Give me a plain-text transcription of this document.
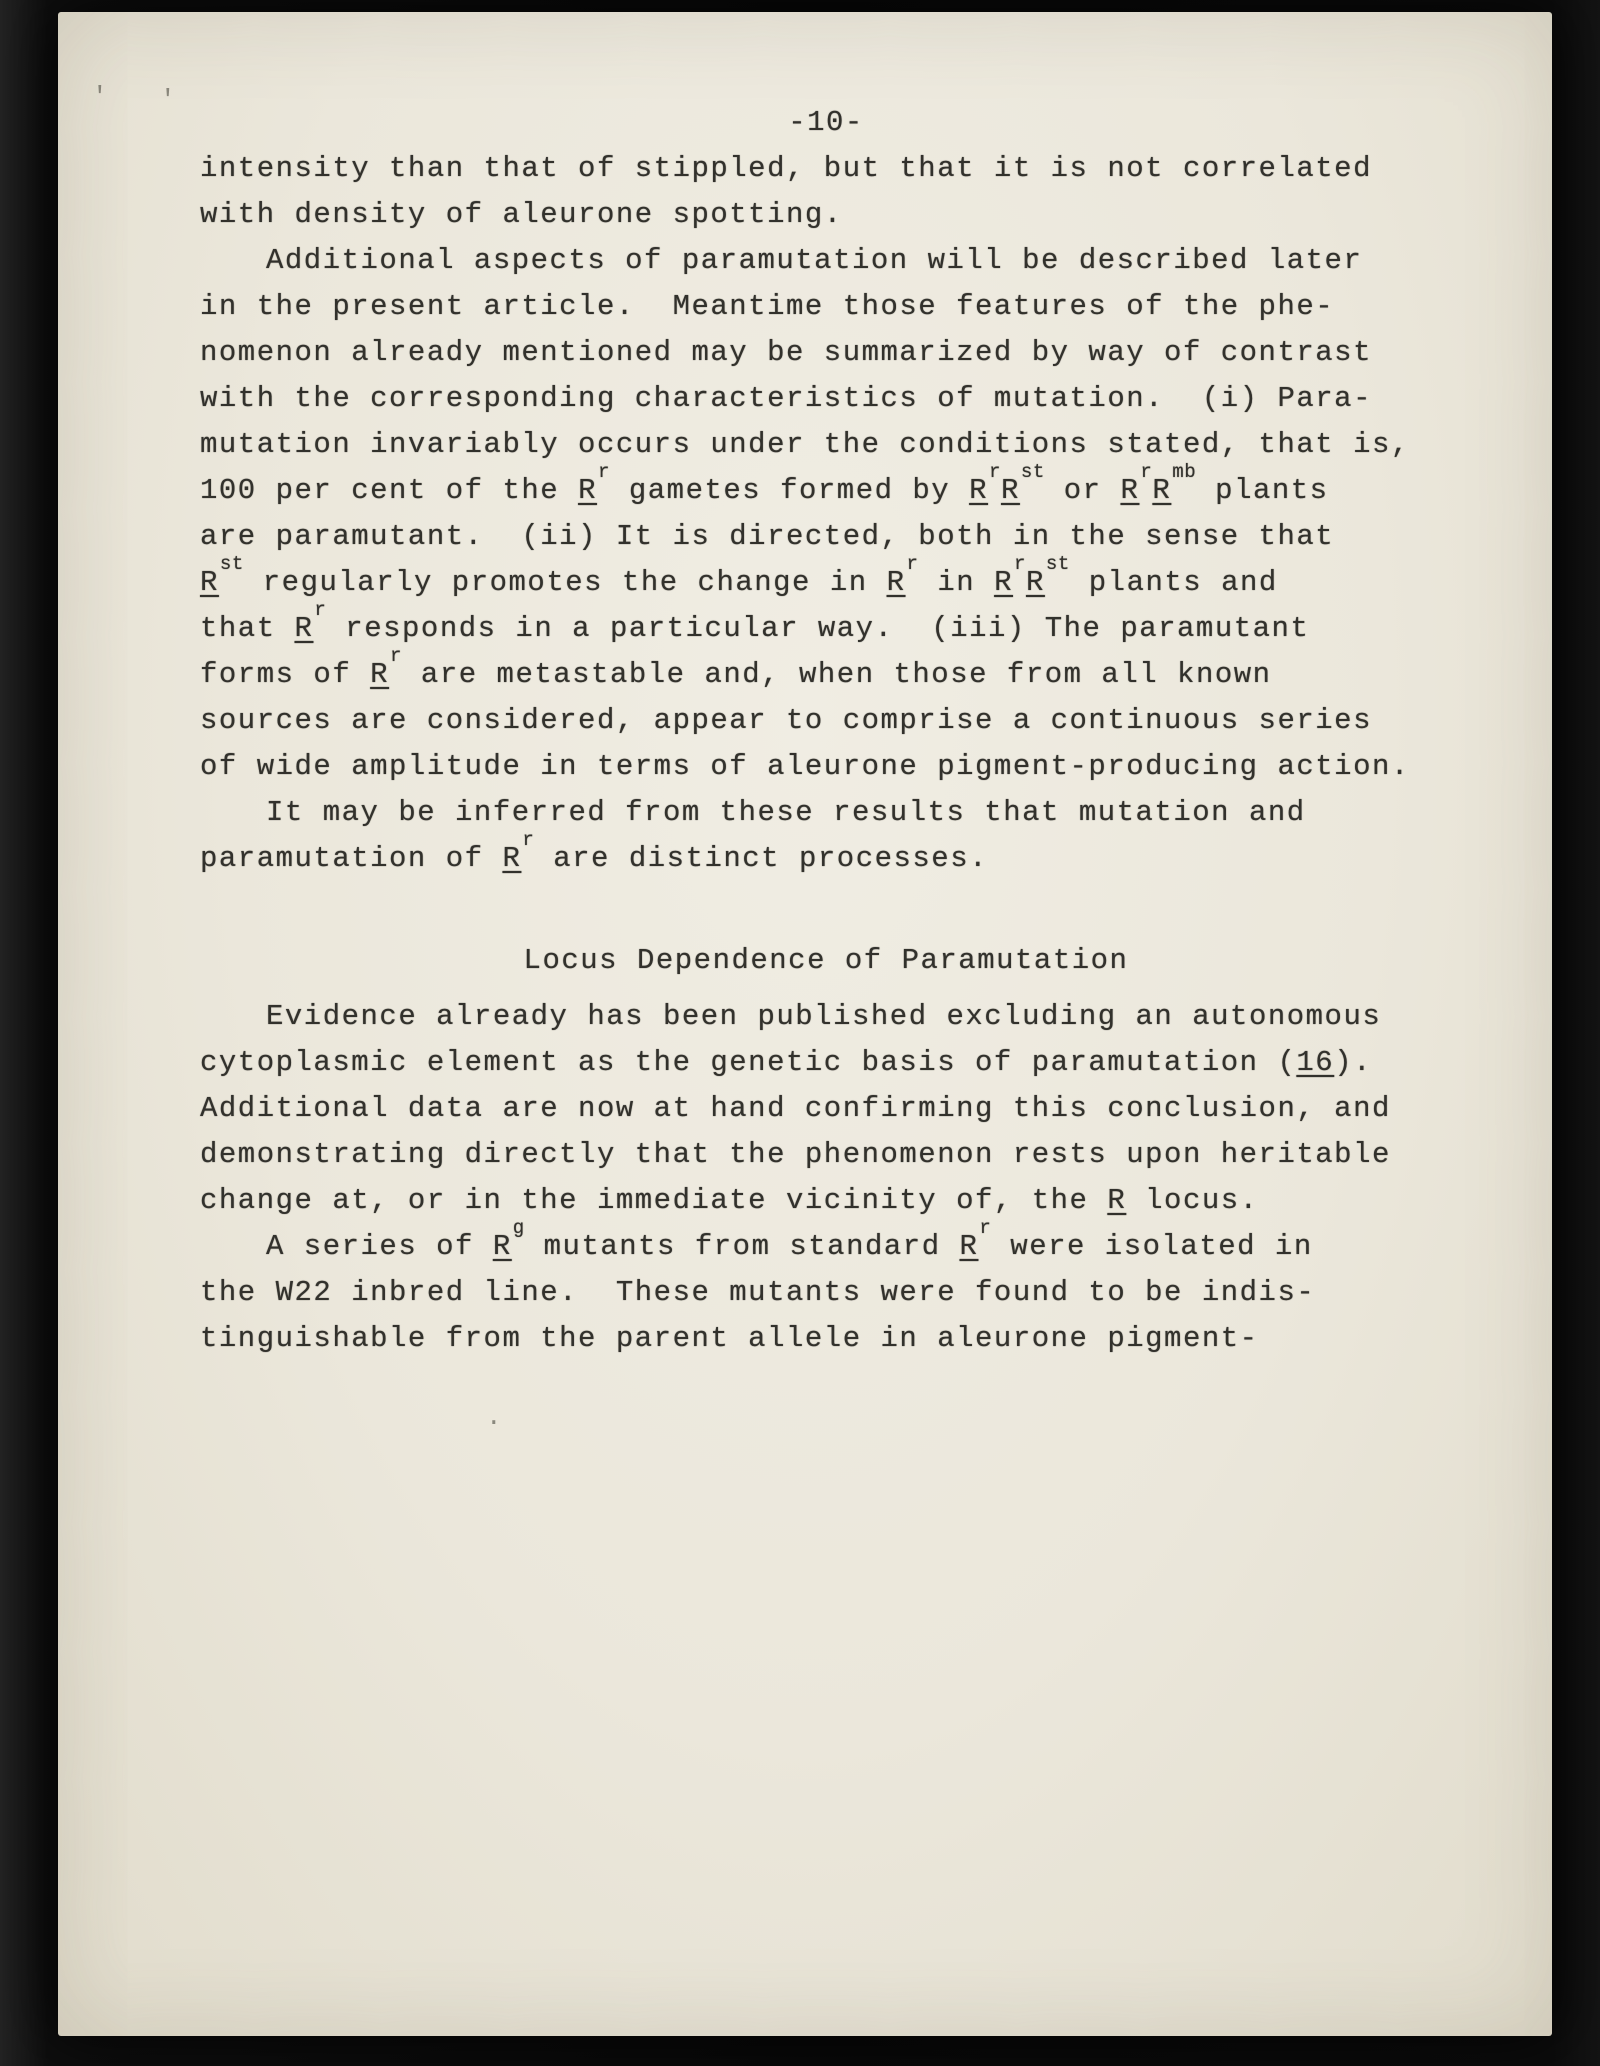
' '
.
-10-
intensity than that of stippled, but that it is not correlated
with density of aleurone spotting.
Additional aspects of paramutation will be described later
in the present article.  Meantime those features of the phe-
nomenon already mentioned may be summarized by way of contrast
with the corresponding characteristics of mutation.  (i) Para-
mutation invariably occurs under the conditions stated, that is,
100 per cent of the $R^r$ gametes formed by $R^rR^{st}$ or $R^rR^{mb}$ plants
are paramutant.  (ii) It is directed, both in the sense that
$R^{st}$ regularly promotes the change in $R^r$ in $R^rR^{st}$ plants and
that $R^r$ responds in a particular way.  (iii) The paramutant
forms of $R^r$ are metastable and, when those from all known
sources are considered, appear to comprise a continuous series
of wide amplitude in terms of aleurone pigment-producing action.
It may be inferred from these results that mutation and
paramutation of $R^r$ are distinct processes.
Locus Dependence of Paramutation
Evidence already has been published excluding an autonomous
cytoplasmic element as the genetic basis of paramutation (16).
Additional data are now at hand confirming this conclusion, and
demonstrating directly that the phenomenon rests upon heritable
change at, or in the immediate vicinity of, the R locus.
A series of $R^g$ mutants from standard $R^r$ were isolated in
the W22 inbred line.  These mutants were found to be indis-
tinguishable from the parent allele in aleurone pigment-
